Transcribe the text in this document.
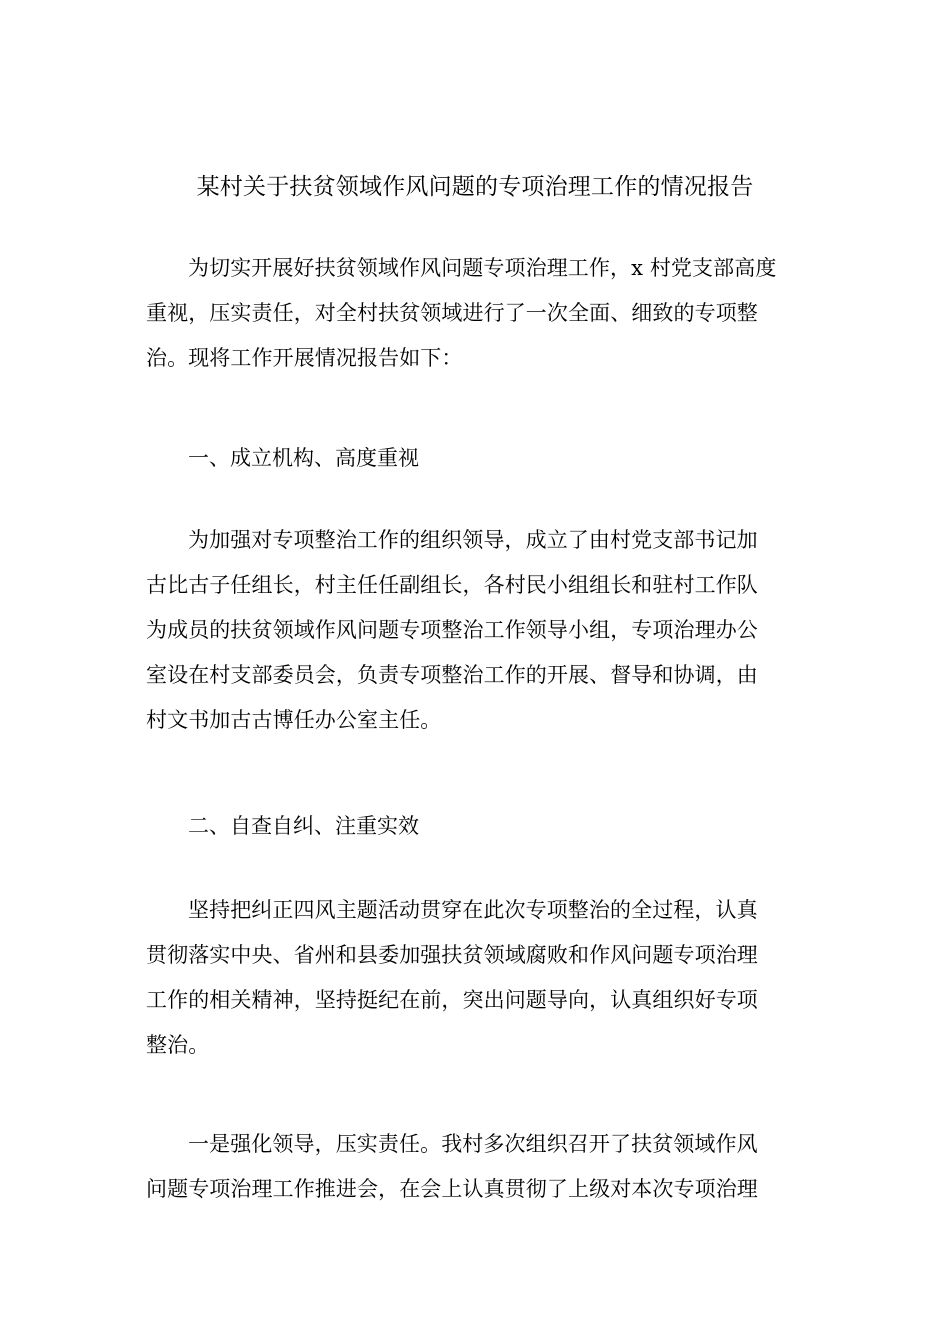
某村关于扶贫领域作风问题的专项治理工作的情况报告
为切实开展好扶贫领域作风问题专项治理工作，x 村党支部高度
重视，压实责任，对全村扶贫领域进行了一次全面、细致的专项整
治。现将工作开展情况报告如下：
一、成立机构、高度重视
为加强对专项整治工作的组织领导，成立了由村党支部书记加
古比古子任组长，村主任任副组长，各村民小组组长和驻村工作队
为成员的扶贫领域作风问题专项整治工作领导小组，专项治理办公
室设在村支部委员会，负责专项整治工作的开展、督导和协调，由
村文书加古古博任办公室主任。
二、自查自纠、注重实效
坚持把纠正四风主题活动贯穿在此次专项整治的全过程，认真
贯彻落实中央、省州和县委加强扶贫领域腐败和作风问题专项治理
工作的相关精神，坚持挺纪在前，突出问题导向，认真组织好专项
整治。
一是强化领导，压实责任。我村多次组织召开了扶贫领域作风
问题专项治理工作推进会，在会上认真贯彻了上级对本次专项治理
